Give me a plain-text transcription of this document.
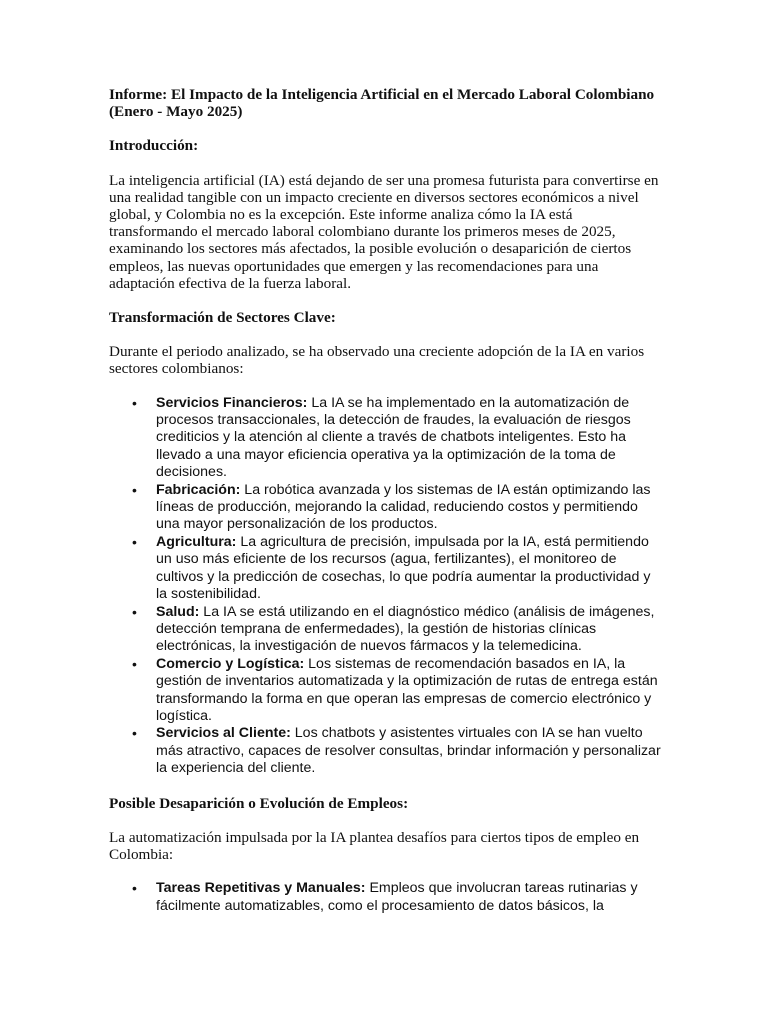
Informe: El Impacto de la Inteligencia Artificial en el Mercado Laboral Colombiano (Enero - Mayo 2025)

Introducción:

La inteligencia artificial (IA) está dejando de ser una promesa futurista para convertirse en una realidad tangible con un impacto creciente en diversos sectores económicos a nivel global, y Colombia no es la excepción. Este informe analiza cómo la IA está transformando el mercado laboral colombiano durante los primeros meses de 2025, examinando los sectores más afectados, la posible evolución o desaparición de ciertos empleos, las nuevas oportunidades que emergen y las recomendaciones para una adaptación efectiva de la fuerza laboral.

Transformación de Sectores Clave:

Durante el periodo analizado, se ha observado una creciente adopción de la IA en varios sectores colombianos:

• Servicios Financieros: La IA se ha implementado en la automatización de procesos transaccionales, la detección de fraudes, la evaluación de riesgos crediticios y la atención al cliente a través de chatbots inteligentes. Esto ha llevado a una mayor eficiencia operativa ya la optimización de la toma de decisiones.
• Fabricación: La robótica avanzada y los sistemas de IA están optimizando las líneas de producción, mejorando la calidad, reduciendo costos y permitiendo una mayor personalización de los productos.
• Agricultura: La agricultura de precisión, impulsada por la IA, está permitiendo un uso más eficiente de los recursos (agua, fertilizantes), el monitoreo de cultivos y la predicción de cosechas, lo que podría aumentar la productividad y la sostenibilidad.
• Salud: La IA se está utilizando en el diagnóstico médico (análisis de imágenes, detección temprana de enfermedades), la gestión de historias clínicas electrónicas, la investigación de nuevos fármacos y la telemedicina.
• Comercio y Logística: Los sistemas de recomendación basados en IA, la gestión de inventarios automatizada y la optimización de rutas de entrega están transformando la forma en que operan las empresas de comercio electrónico y logística.
• Servicios al Cliente: Los chatbots y asistentes virtuales con IA se han vuelto más atractivo, capaces de resolver consultas, brindar información y personalizar la experiencia del cliente.

Posible Desaparición o Evolución de Empleos:

La automatización impulsada por la IA plantea desafíos para ciertos tipos de empleo en Colombia:

• Tareas Repetitivas y Manuales: Empleos que involucran tareas rutinarias y fácilmente automatizables, como el procesamiento de datos básicos, la
